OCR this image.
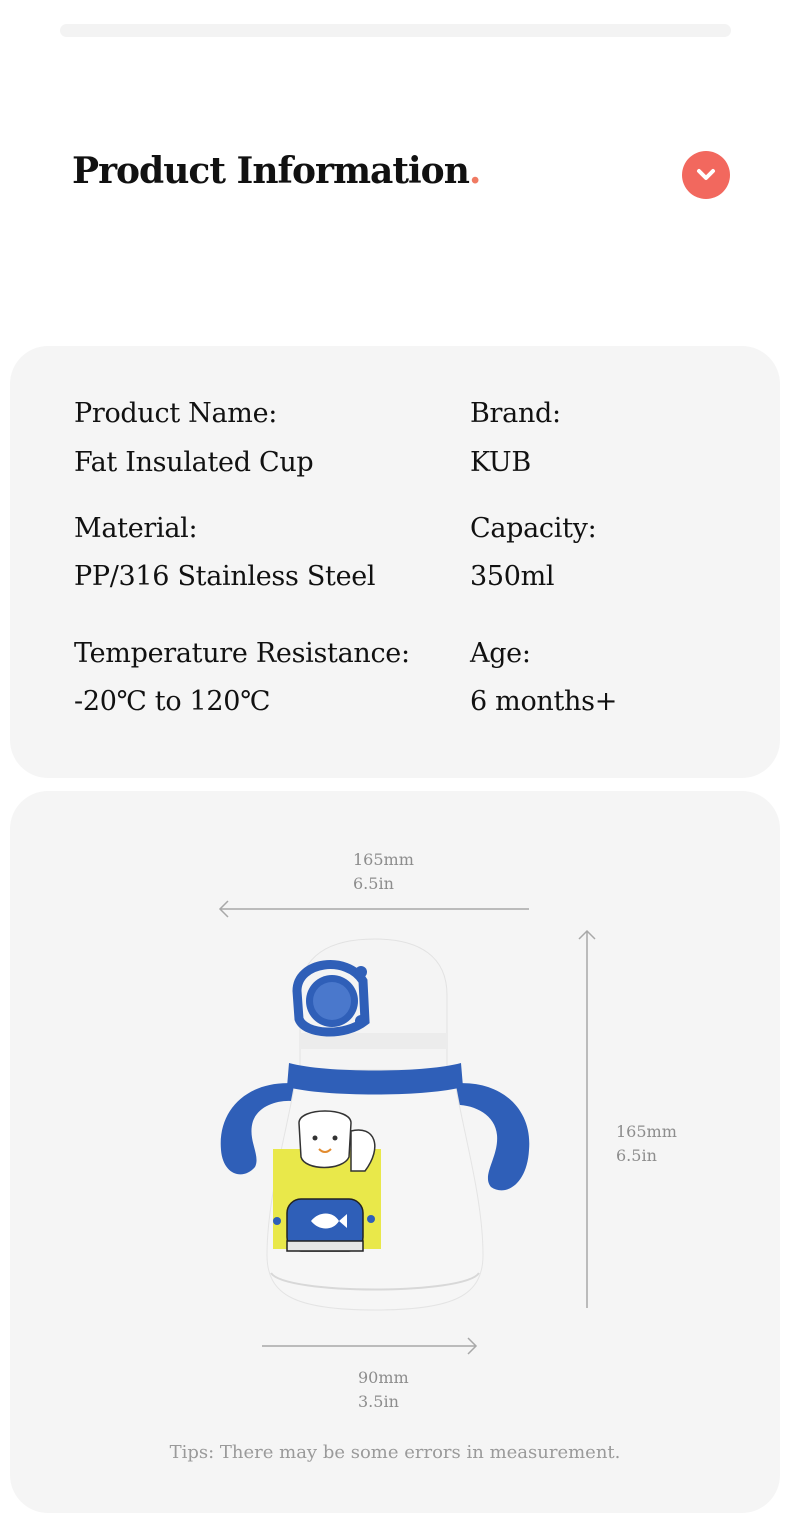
Product Information.
Product Name:
Fat Insulated Cup
Brand:
KUB
Material:
PP/316 Stainless Steel
Capacity:
350ml
Temperature Resistance:
-20℃ to 120℃
Age:
6 months+
165mm
6.5in
165mm
6.5in
90mm
3.5in
Tips: There may be some errors in measurement.
